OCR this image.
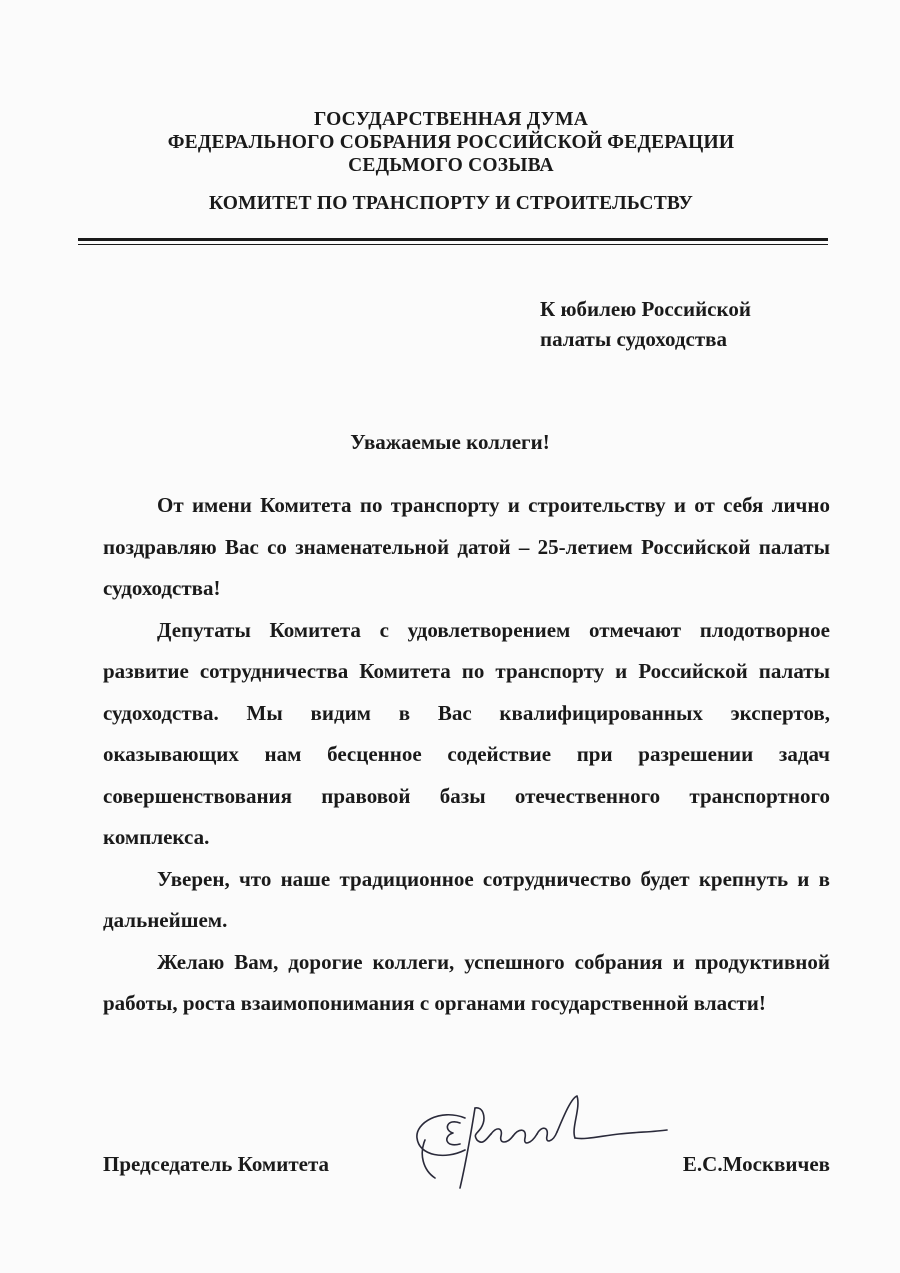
ГОСУДАРСТВЕННАЯ ДУМА
ФЕДЕРАЛЬНОГО СОБРАНИЯ РОССИЙСКОЙ ФЕДЕРАЦИИ
СЕДЬМОГО СОЗЫВА
КОМИТЕТ ПО ТРАНСПОРТУ И СТРОИТЕЛЬСТВУ
К юбилею Российской
палаты судоходства
Уважаемые коллеги!

От имени Комитета по транспорту и строительству и от себя лично поздравляю Вас со знаменательной датой – 25-летием Российской палаты судоходства!

Депутаты Комитета с удовлетворением отмечают плодотворное развитие сотрудничества Комитета по транспорту и Российской палаты судоходства. Мы видим в Вас квалифицированных экспертов, оказывающих нам бесценное содействие при разрешении задач совершенствования правовой базы отечественного транспортного комплекса.

Уверен, что наше традиционное сотрудничество будет крепнуть и в дальнейшем.

Желаю Вам, дорогие коллеги, успешного собрания и продуктивной работы, роста взаимопонимания с органами государственной власти!

Председатель Комитета	Е.С.Москвичев
